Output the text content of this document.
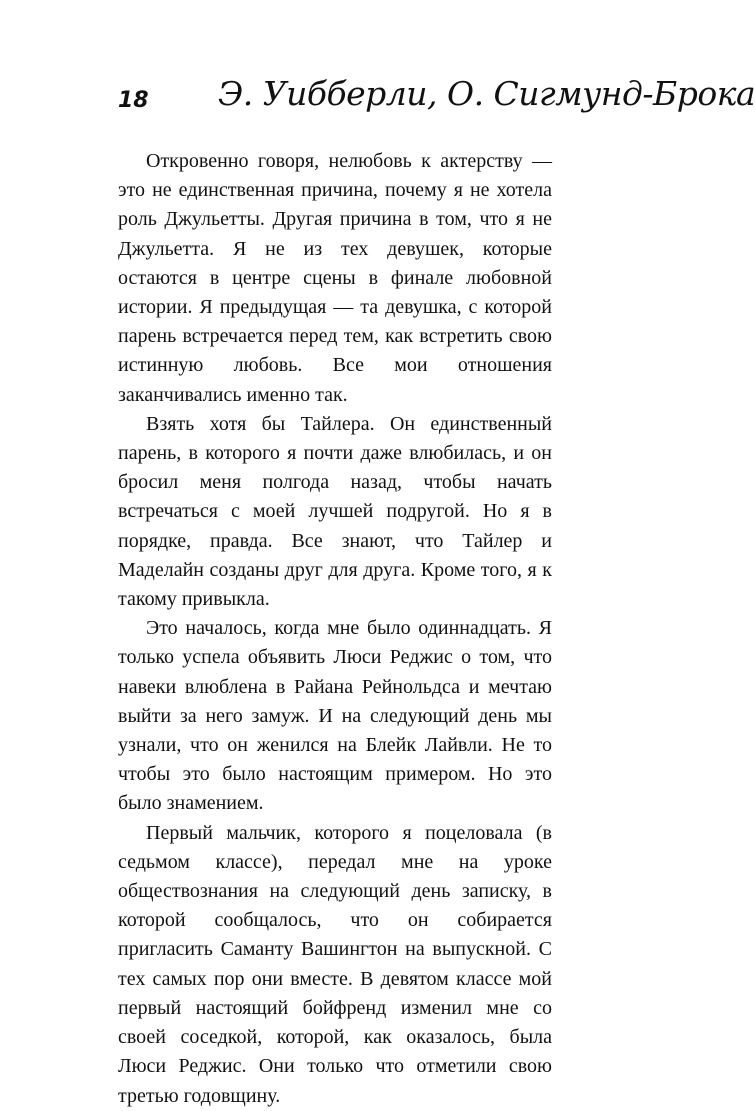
18 Э. Уибберли, О. Сигмунд-Брока

Откровенно говоря, нелюбовь к актерству — это не единственная причина, почему я не хотела роль Джульетты. Другая причина в том, что я не Джульетта. Я не из тех девушек, которые остаются в центре сцены в финале любовной истории. Я предыдущая — та девушка, с которой парень встречается перед тем, как встретить свою истинную любовь. Все мои отношения заканчивались именно так.

Взять хотя бы Тайлера. Он единственный парень, в которого я почти даже влюбилась, и он бросил меня полгода назад, чтобы начать встречаться с моей лучшей подругой. Но я в порядке, правда. Все знают, что Тайлер и Маделайн созданы друг для друга. Кроме того, я к такому привыкла.

Это началось, когда мне было одиннадцать. Я только успела объявить Люси Реджис о том, что навеки влюблена в Райана Рейнольдса и мечтаю выйти за него замуж. И на следующий день мы узнали, что он женился на Блейк Лайвли. Не то чтобы это было настоящим примером. Но это было знамением.

Первый мальчик, которого я поцеловала (в седьмом классе), передал мне на уроке обществознания на следующий день записку, в которой сообщалось, что он собирается пригласить Саманту Вашингтон на выпускной. С тех самых пор они вместе. В девятом классе мой первый настоящий бойфренд изменил мне со своей соседкой, которой, как оказалось, была Люси Реджис. Они только что отметили свою третью годовщину.
